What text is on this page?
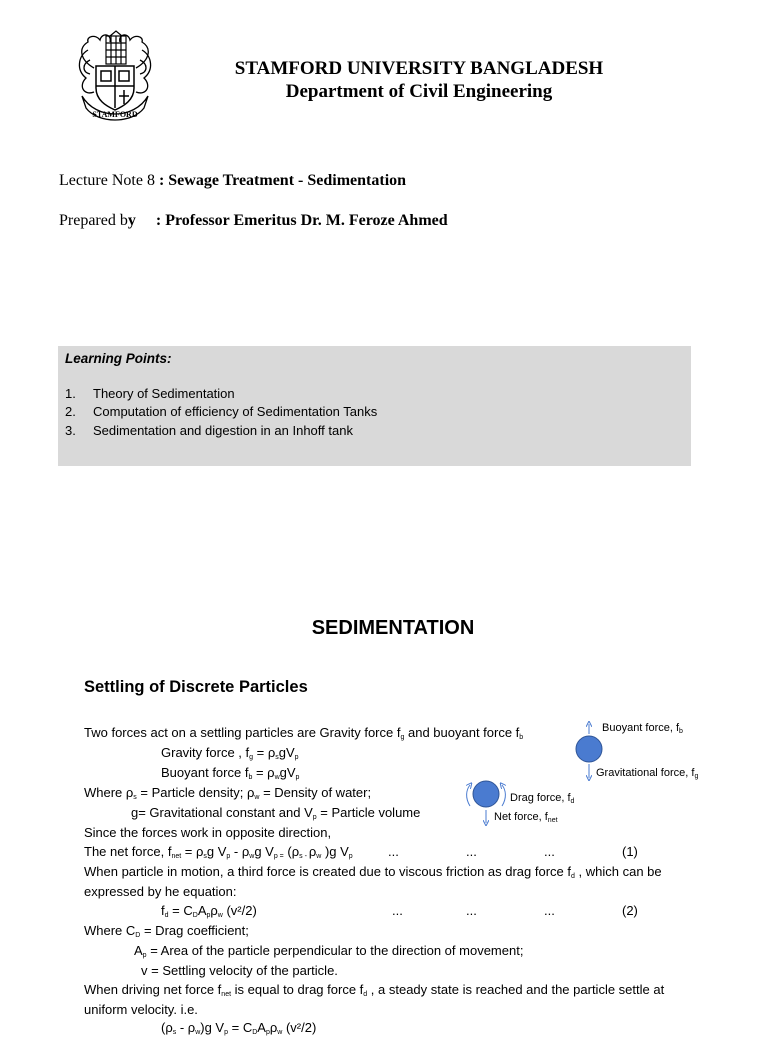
STAMFORD
STAMFORD UNIVERSITY BANGLADESH
Department of Civil Engineering
Lecture Note 8 : Sewage Treatment - Sedimentation
Prepared by : Professor Emeritus Dr. M. Feroze Ahmed
Learning Points:
1. Theory of Sedimentation
2. Computation of efficiency of Sedimentation Tanks
3. Sedimentation and digestion in an Inhoff tank
SEDIMENTATION
Settling of Discrete Particles
Buoyant force, $f_b$
Gravitational force, $f_g$
Drag force, $f_d$
Net force, $f_{net}$
Two forces act on a settling particles are Gravity force $f_g$ and buoyant force $f_b$
Gravity force , $f_g = \rho_sgV_p$
Buoyant force $f_b = \rho_wgV_p$
Where $\rho_s$ = Particle density; $\rho_w$ = Density of water;
g= Gravitational constant and $V_p$ = Particle volume
Since the forces work in opposite direction,
The net force, $f_{net} = \rho_sg$ $V_p - \rho_wg$ $V_{p =}$ ($\rho_{s -}$ $\rho_w$ )g $V_p$	...	...	...	(1)
When particle in motion, a third force is created due to viscous friction as drag force $f_d$ , which can be
expressed by he equation:
$f_d = C_DA_p\rho_w$ (v²/2)	...	...	...	(2)
Where $C_D$ = Drag coefficient;
$A_p$ = Area of the particle perpendicular to the direction of movement;
v = Settling velocity of the particle.
When driving net force $f_{net}$ is equal to drag force $f_d$ , a steady state is reached and the particle settle at
uniform velocity. i.e.
$(\rho_s - \rho_w)g$ $V_p = C_DA_p\rho_w$ (v²/2)
